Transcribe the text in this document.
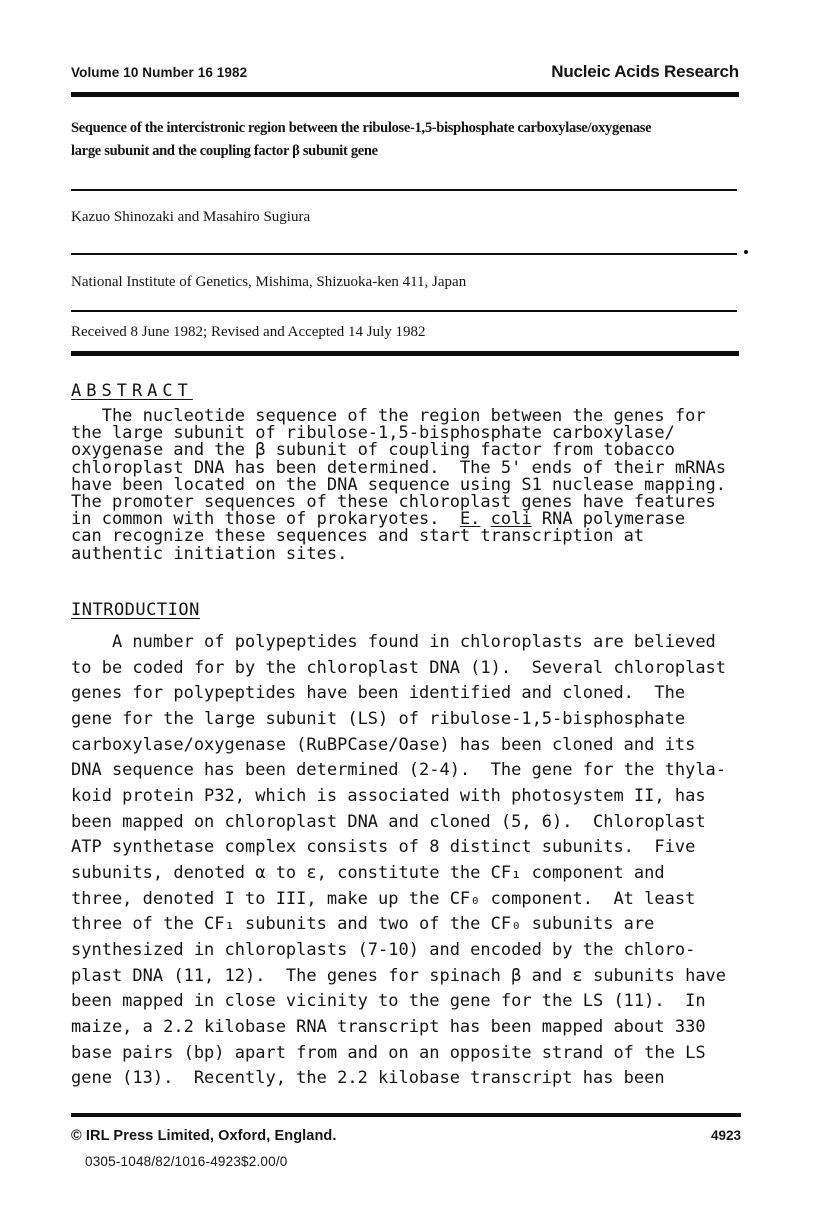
Volume 10 Number 16 1982	Nucleic Acids Research
Sequence of the intercistronic region between the ribulose-1,5-bisphosphate carboxylase/oxygenase
large subunit and the coupling factor β subunit gene
Kazuo Shinozaki and Masahiro Sugiura
National Institute of Genetics, Mishima, Shizuoka-ken 411, Japan
Received 8 June 1982; Revised and Accepted 14 July 1982
ABSTRACT
The nucleotide sequence of the region between the genes for
the large subunit of ribulose-1,5-bisphosphate carboxylase/
oxygenase and the β subunit of coupling factor from tobacco
chloroplast DNA has been determined.  The 5' ends of their mRNAs
have been located on the DNA sequence using S1 nuclease mapping.
The promoter sequences of these chloroplast genes have features
in common with those of prokaryotes.  E. coli RNA polymerase
can recognize these sequences and start transcription at
authentic initiation sites.
INTRODUCTION
A number of polypeptides found in chloroplasts are believed
to be coded for by the chloroplast DNA (1).  Several chloroplast
genes for polypeptides have been identified and cloned.  The
gene for the large subunit (LS) of ribulose-1,5-bisphosphate
carboxylase/oxygenase (RuBPCase/Oase) has been cloned and its
DNA sequence has been determined (2-4).  The gene for the thyla-
koid protein P32, which is associated with photosystem II, has
been mapped on chloroplast DNA and cloned (5, 6).  Chloroplast
ATP synthetase complex consists of 8 distinct subunits.  Five
subunits, denoted α to ε, constitute the CF₁ component and
three, denoted I to III, make up the CF₀ component.  At least
three of the CF₁ subunits and two of the CF₀ subunits are
synthesized in chloroplasts (7-10) and encoded by the chloro-
plast DNA (11, 12).  The genes for spinach β and ε subunits have
been mapped in close vicinity to the gene for the LS (11).  In
maize, a 2.2 kilobase RNA transcript has been mapped about 330
base pairs (bp) apart from and on an opposite strand of the LS
gene (13).  Recently, the 2.2 kilobase transcript has been
© IRL Press Limited, Oxford, England.	4923
0305-1048/82/1016-4923$2.00/0
